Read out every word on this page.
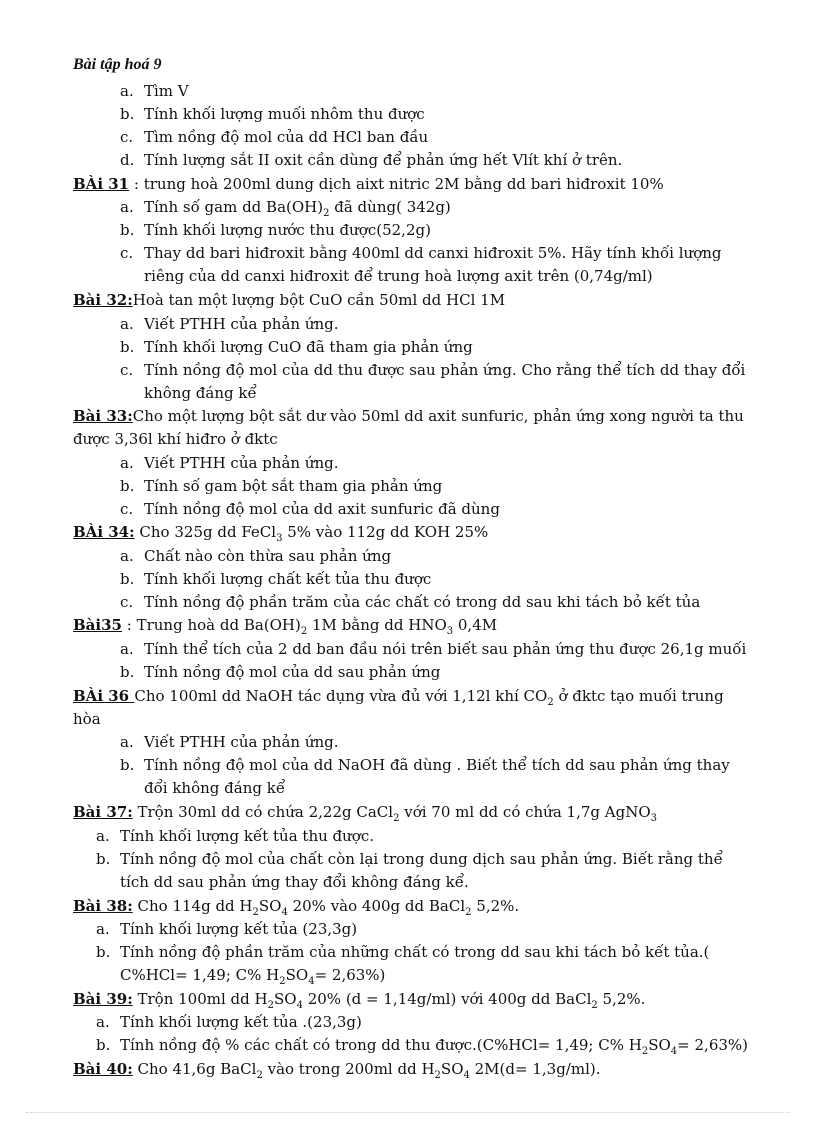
Bài tập hoá 9
a. Tìm V
b. Tính khối lượng muối nhôm thu được
c. Tìm nồng độ mol của dd HCl ban đầu
d. Tính lượng sắt II oxit cần dùng để phản ứng hết Vlít khí ở trên.
BÀi 31 : trung hoà 200ml dung dịch aixt nitric 2M bằng dd bari hiđroxit 10%
a. Tính số gam dd $Ba(OH)_2$ đã dùng( 342g)
b. Tính khối lượng nước thu được(52,2g)
c. Thay dd bari hiđroxit bằng 400ml dd canxi hiđroxit 5%. Hãy tính khối lượng
riêng của dd canxi hiđroxit để trung hoà lượng axit trên (0,74g/ml)
Bài 32:Hoà tan một lượng bột CuO cần 50ml dd HCl 1M
a. Viết PTHH của phản ứng.
b. Tính khối lượng CuO đã tham gia phản ứng
c. Tính nồng độ mol của dd thu được sau phản ứng. Cho rằng thể tích dd thay đổi
không đáng kể
Bài 33:Cho một lượng bột sắt dư vào 50ml dd axit sunfuric, phản ứng xong người ta thu
được 3,36l khí hiđro ở đktc
a. Viết PTHH của phản ứng.
b. Tính số gam bột sắt tham gia phản ứng
c. Tính nồng độ mol của dd axit sunfuric đã dùng
BÀi 34: Cho 325g dd FeCl$_3$ 5% vào 112g dd KOH 25%
a. Chất nào còn thừa sau phản ứng
b. Tính khối lượng chất kết tủa thu được
c. Tính nồng độ phần trăm của các chất có trong dd sau khi tách bỏ kết tủa
Bài35 : Trung hoà dd $Ba(OH)_2$ 1M bằng dd $HNO_3$ 0,4M
a. Tính thể tích của 2 dd ban đầu nói trên biết sau phản ứng thu được 26,1g muối
b. Tính nồng độ mol của dd sau phản ứng
BÀi 36 Cho 100ml dd NaOH tác dụng vừa đủ với 1,12l khí $CO_2$ ở đktc tạo muối trung
hòa
a. Viết PTHH của phản ứng.
b. Tính nồng độ mol của dd NaOH đã dùng . Biết thể tích dd sau phản ứng thay
đổi không đáng kể
Bài 37: Trộn 30ml dd có chứa 2,22g CaCl$_2$ với 70 ml dd có chứa 1,7g AgNO$_3$
a. Tính khối lượng kết tủa thu được.
b. Tính nồng độ mol của chất còn lại trong dung dịch sau phản ứng. Biết rằng thể
tích dd sau phản ứng thay đổi không đáng kể.
Bài 38: Cho 114g dd $H_2SO_4$ 20% vào 400g dd BaCl$_2$ 5,2%.
a. Tính khối lượng kết tủa (23,3g)
b. Tính nồng độ phần trăm của những chất có trong dd sau khi tách bỏ kết tủa.(
C%HCl= 1,49; C% $H_2SO_4= 2,63\%$)
Bài 39: Trộn 100ml dd $H_2SO_4$ 20% (d = 1,14g/ml) với 400g dd BaCl$_2$ 5,2%.
a. Tính khối lượng kết tủa .(23,3g)
b. Tính nồng độ % các chất có trong dd thu được.(C%HCl= 1,49; C% $H_2SO_4= 2,63\%$)
Bài 40: Cho 41,6g BaCl$_2$ vào trong 200ml dd $H_2SO_4$ 2M(d= 1,3g/ml).
